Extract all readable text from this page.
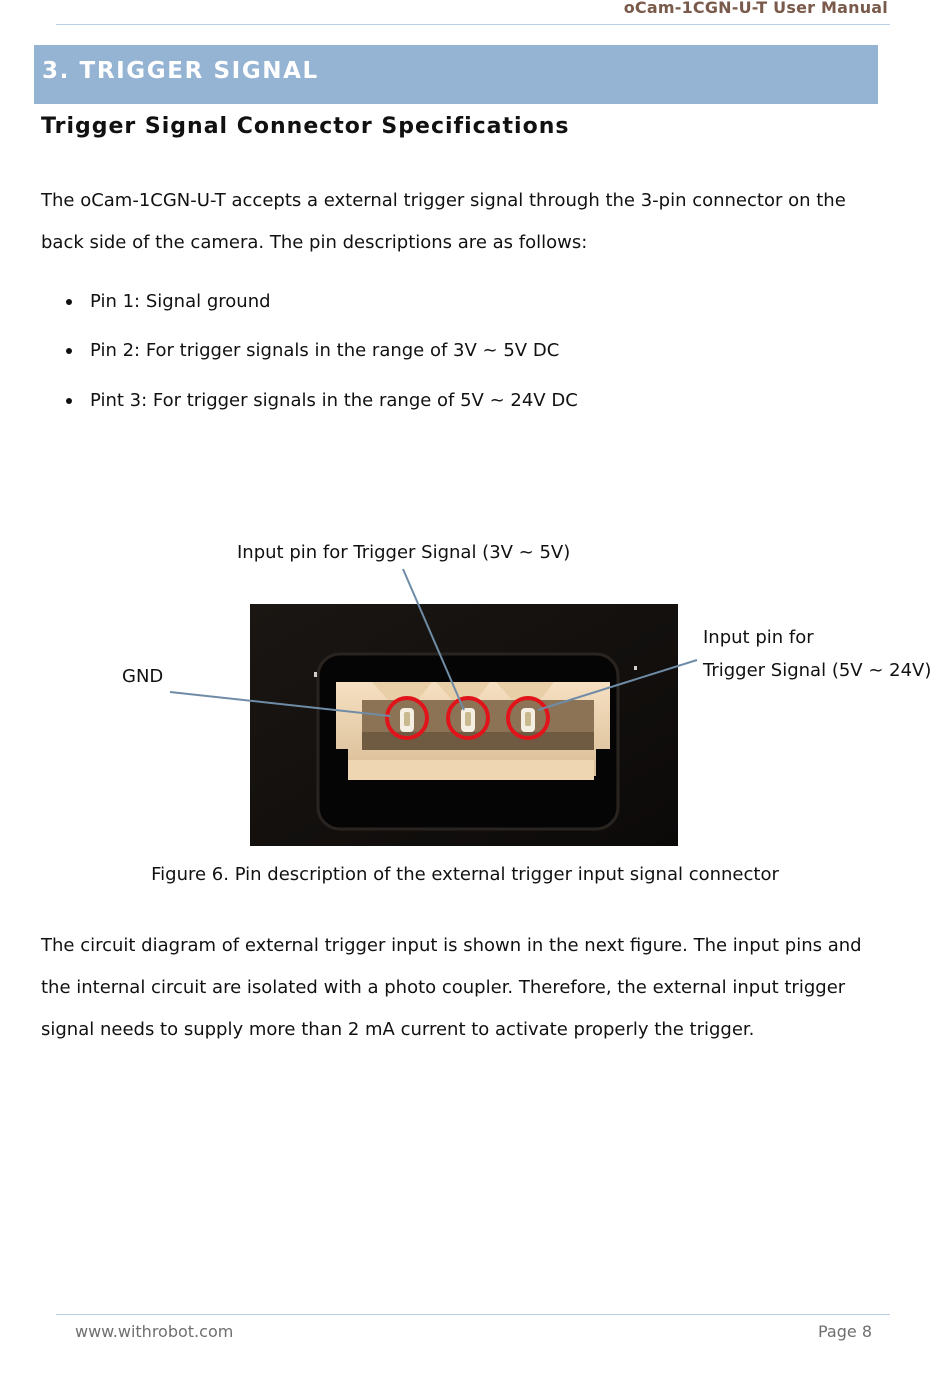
oCam-1CGN-U-T User Manual
3. TRIGGER SIGNAL
Trigger Signal Connector Specifications

The oCam-1CGN-U-T accepts a external trigger signal through the 3-pin connector on the back side of the camera. The pin descriptions are as follows:

Pin 1: Signal ground
Pin 2: For trigger signals in the range of 3V ~ 5V DC
Pint 3: For trigger signals in the range of 5V ~ 24V DC
Input pin for Trigger Signal (3V ~ 5V)
Input pin for
Trigger Signal (5V ~ 24V)
GND
Figure 6. Pin description of the external trigger input signal connector

The circuit diagram of external trigger input is shown in the next figure. The input pins and the internal circuit are isolated with a photo coupler. Therefore, the external input trigger signal needs to supply more than 2 mA current to activate properly the trigger.

www.withrobot.com	Page 8
